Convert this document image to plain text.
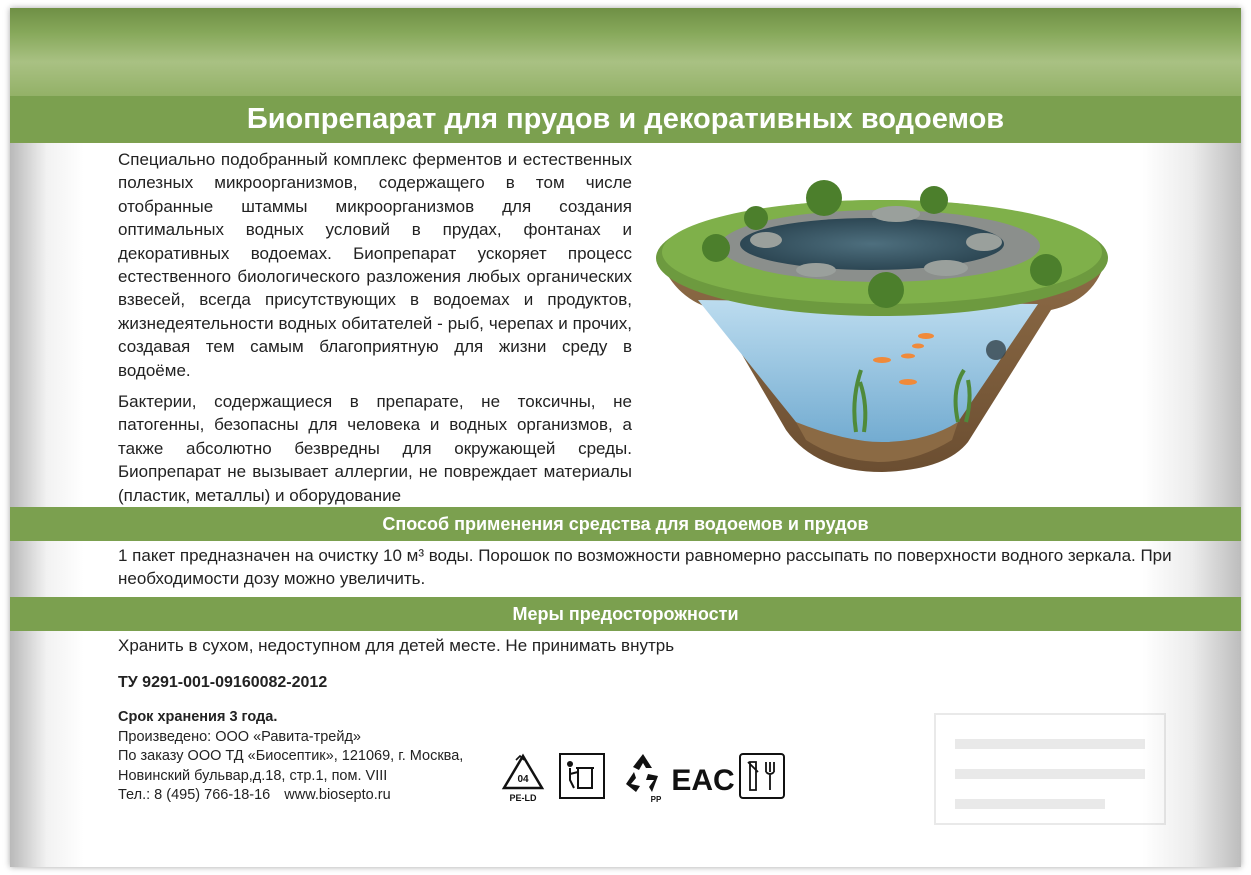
Биопрепарат для прудов и декоративных водоемов

Специально подобранный комплекс ферментов и естественных полезных микроорганизмов, содержащего в том числе отобранные штаммы микроорганизмов для создания оптимальных водных условий в прудах, фонтанах и декоративных водоемах. Биопрепарат ускоряет процесс естественного биологического разложения любых органических взвесей, всегда присутствующих в водоемах и продуктов, жизнедеятельности водных обитателей - рыб, черепах и прочих, создавая тем самым благоприятную для жизни среду в водоёме.

Бактерии, содержащиеся в препарате, не токсичны, не патогенны, безопасны для человека и водных организмов, а также абсолютно безвредны для окружающей среды. Биопрепарат не вызывает аллергии, не повреждает материалы (пластик, металлы) и оборудование

Способ применения средства для водоемов и прудов
1 пакет предназначен на очистку 10 м³ воды. Порошок по возможности равномерно рассыпать по поверхности водного зеркала. При необходимости дозу можно увеличить.
Меры предосторожности
Хранить в сухом, недоступном для детей месте. Не принимать внутрь
ТУ 9291-001-09160082-2012
Срок хранения 3 года.
Произведено: ООО «Равита-трейд»
По заказу ООО ТД «Биосептик», 121069, г. Москва,
Новинский бульвар,д.18, стр.1, пом. VIII
Тел.: 8 (495) 766-18-16 www.biosepto.ru
04
PE-LD	PP
EAC
